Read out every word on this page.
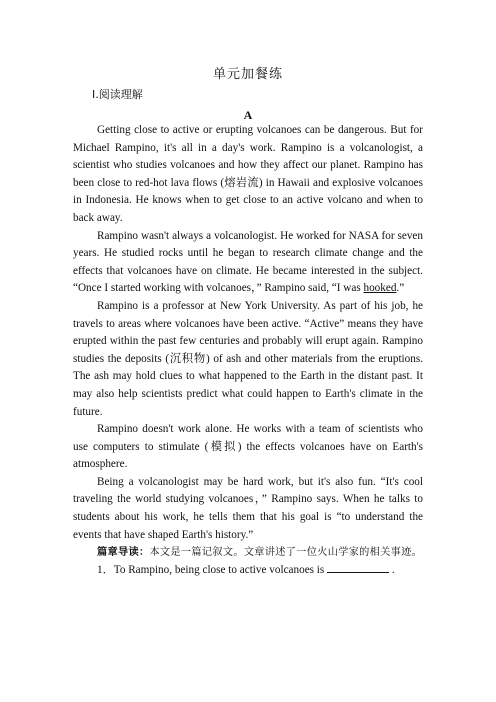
单元加餐练
Ⅰ.阅读理解
A

Getting close to active or erupting volcanoes can be dangerous. But for Michael Rampino, it's all in a day's work. Rampino is a volcanologist, a scientist who studies volcanoes and how they affect our planet. Rampino has been close to red-hot lava flows (熔岩流) in Hawaii and explosive volcanoes in Indonesia. He knows when to get close to an active volcano and when to back away.

Rampino wasn't always a volcanologist. He worked for NASA for seven years. He studied rocks until he began to research climate change and the effects that volcanoes have on climate. He became interested in the subject. “Once I started working with volcanoes，” Rampino said, “I was hooked.”

Rampino is a professor at New York University. As part of his job, he travels to areas where volcanoes have been active. “Active” means they have erupted within the past few centuries and probably will erupt again. Rampino studies the deposits (沉积物) of ash and other materials from the eruptions. The ash may hold clues to what happened to the Earth in the distant past. It may also help scientists predict what could happen to Earth's climate in the future.

Rampino doesn't work alone. He works with a team of scientists who use computers to stimulate (模拟) the effects volcanoes have on Earth's atmosphere.

Being a volcanologist may be hard work, but it's also fun. “It's cool traveling the world studying volcanoes，” Rampino says. When he talks to students about his work, he tells them that his goal is “to understand the events that have shaped Earth's history.”

篇章导读：本文是一篇记叙文。文章讲述了一位火山学家的相关事迹。

1．To Rampino, being close to active volcanoes is	.
